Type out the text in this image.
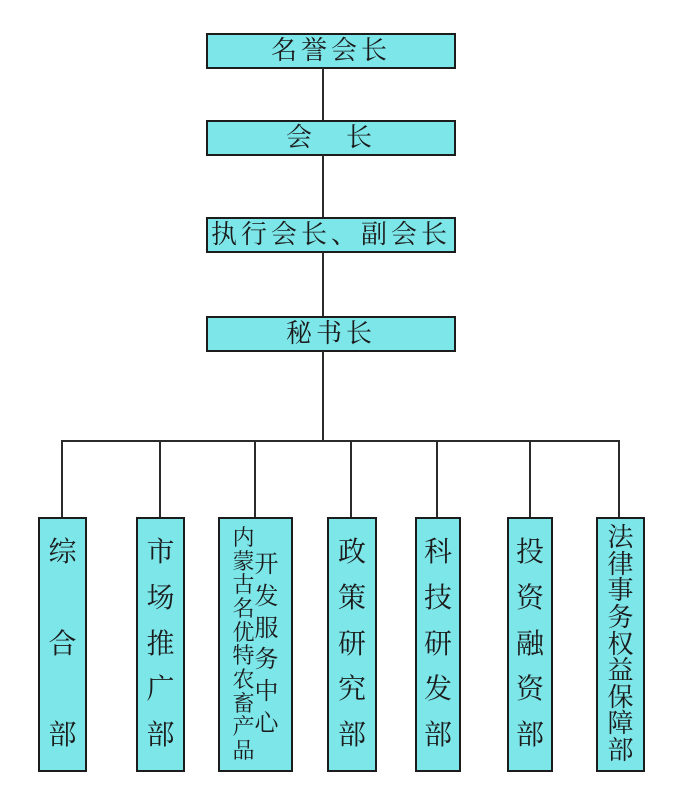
名誉会长
会　长
执行会长、副会长
秘书长
综
合
部
市
场
推
广
部
内
蒙
古
名
优
特
农
畜
产
品
开
发
服
务
中
心
政
策
研
究
部
科
技
研
发
部
投
资
融
资
部
法
律
事
务
权
益
保
障
部
